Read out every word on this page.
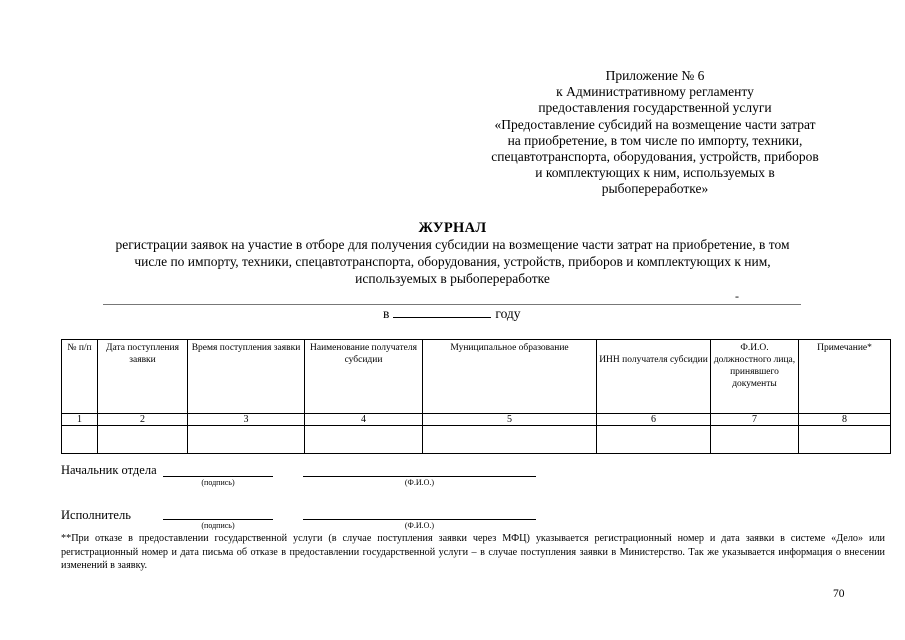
Приложение № 6
к Административному регламенту
предоставления государственной услуги
«Предоставление субсидий на возмещение части затрат
на приобретение, в том числе по импорту, техники,
спецавтотранспорта, оборудования, устройств, приборов
и комплектующих к ним, используемых в
рыбопереработке»
ЖУРНАЛ
регистрации заявок на участие в отборе для получения субсидии на возмещение части затрат на приобретение, в том
числе по импорту, техники, спецавтотранспорта, оборудования, устройств, приборов и комплектующих к ним,
используемых в рыбопереработке
-
в	году
№ п/п	Дата поступления заявки	Время поступления заявки	Наименование получателя субсидии	Муниципальное образование	ИНН получателя субсидии	Ф.И.О. должностного лица, принявшего документы	Примечание*
1	2	3	4	5	6	7	8

Начальник отдела
(подпись)	(Ф.И.О.)
Исполнитель
(подпись)	(Ф.И.О.)
**При отказе в предоставлении государственной услуги (в случае поступления заявки через МФЦ) указывается регистрационный номер и дата заявки в системе «Дело» или регистрационный номер и дата письма об отказе в предоставлении государственной услуги – в случае поступления заявки в Министерство. Так же указывается информация о внесении изменений в заявку.
70
